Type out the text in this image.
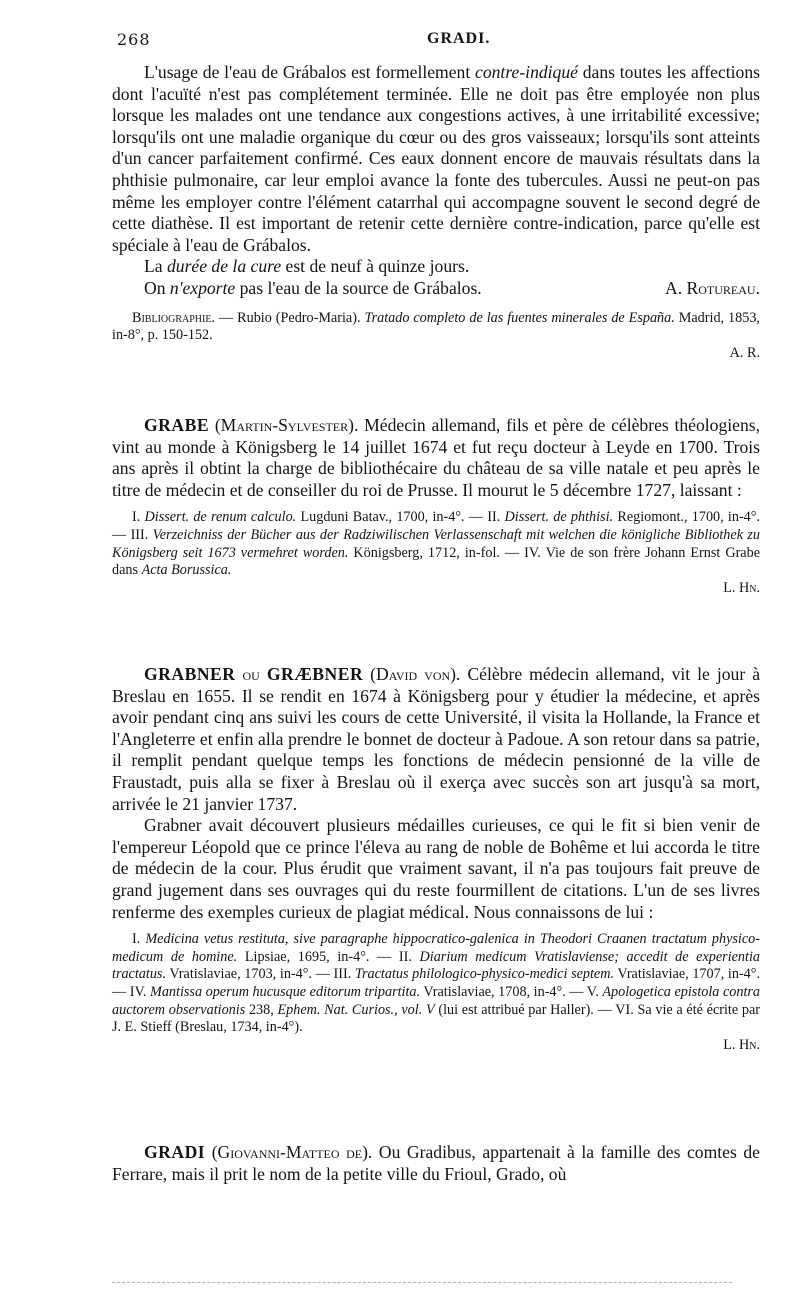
268	GRADI.

L'usage de l'eau de Grábalos est formellement contre-indiqué dans toutes les affections dont l'acuïté n'est pas complétement terminée. Elle ne doit pas être employée non plus lorsque les malades ont une tendance aux congestions actives, à une irritabilité excessive; lorsqu'ils ont une maladie organique du cœur ou des gros vaisseaux; lorsqu'ils sont atteints d'un cancer parfaitement confirmé. Ces eaux donnent encore de mauvais résultats dans la phthisie pulmonaire, car leur emploi avance la fonte des tubercules. Aussi ne peut-on pas même les employer contre l'élément catarrhal qui accompagne souvent le second degré de cette diathèse. Il est important de retenir cette dernière contre-indication, parce qu'elle est spéciale à l'eau de Grábalos.

La durée de la cure est de neuf à quinze jours.

On n'exporte pas l'eau de la source de Grábalos.	A. Rotureau.

Bibliographie. — Rubio (Pedro-Maria). Tratado completo de las fuentes minerales de España. Madrid, 1853, in-8°, p. 150-152.

A. R.

GRABE (Martin-Sylvester). Médecin allemand, fils et père de célèbres théologiens, vint au monde à Königsberg le 14 juillet 1674 et fut reçu docteur à Leyde en 1700. Trois ans après il obtint la charge de bibliothécaire du château de sa ville natale et peu après le titre de médecin et de conseiller du roi de Prusse. Il mourut le 5 décembre 1727, laissant :

I. Dissert. de renum calculo. Lugduni Batav., 1700, in-4°. — II. Dissert. de phthisi. Regiomont., 1700, in-4°. — III. Verzeichniss der Bücher aus der Radziwilischen Verlassenschaft mit welchen die königliche Bibliothek zu Königsberg seit 1673 vermehret worden. Königsberg, 1712, in-fol. — IV. Vie de son frère Johann Ernst Grabe dans Acta Borussica.

L. Hn.

GRABNER ou GRÆBNER (David von). Célèbre médecin allemand, vit le jour à Breslau en 1655. Il se rendit en 1674 à Königsberg pour y étudier la médecine, et après avoir pendant cinq ans suivi les cours de cette Université, il visita la Hollande, la France et l'Angleterre et enfin alla prendre le bonnet de docteur à Padoue. A son retour dans sa patrie, il remplit pendant quelque temps les fonctions de médecin pensionné de la ville de Fraustadt, puis alla se fixer à Breslau où il exerça avec succès son art jusqu'à sa mort, arrivée le 21 janvier 1737.

Grabner avait découvert plusieurs médailles curieuses, ce qui le fit si bien venir de l'empereur Léopold que ce prince l'éleva au rang de noble de Bohême et lui accorda le titre de médecin de la cour. Plus érudit que vraiment savant, il n'a pas toujours fait preuve de grand jugement dans ses ouvrages qui du reste fourmillent de citations. L'un de ses livres renferme des exemples curieux de plagiat médical. Nous connaissons de lui :

I. Medicina vetus restituta, sive paragraphe hippocratico-galenica in Theodori Craanen tractatum physico-medicum de homine. Lipsiae, 1695, in-4°. — II. Diarium medicum Vratislaviense; accedit de experientia tractatus. Vratislaviae, 1703, in-4°. — III. Tractatus philologico-physico-medici septem. Vratislaviae, 1707, in-4°. — IV. Mantissa operum hucusque editorum tripartita. Vratislaviae, 1708, in-4°. — V. Apologetica epistola contra auctorem observationis 238, Ephem. Nat. Curios., vol. V (lui est attribué par Haller). — VI. Sa vie a été écrite par J. E. Stieff (Breslau, 1734, in-4°).

L. Hn.

GRADI (Giovanni-Matteo de). Ou Gradibus, appartenait à la famille des comtes de Ferrare, mais il prit le nom de la petite ville du Frioul, Grado, où
